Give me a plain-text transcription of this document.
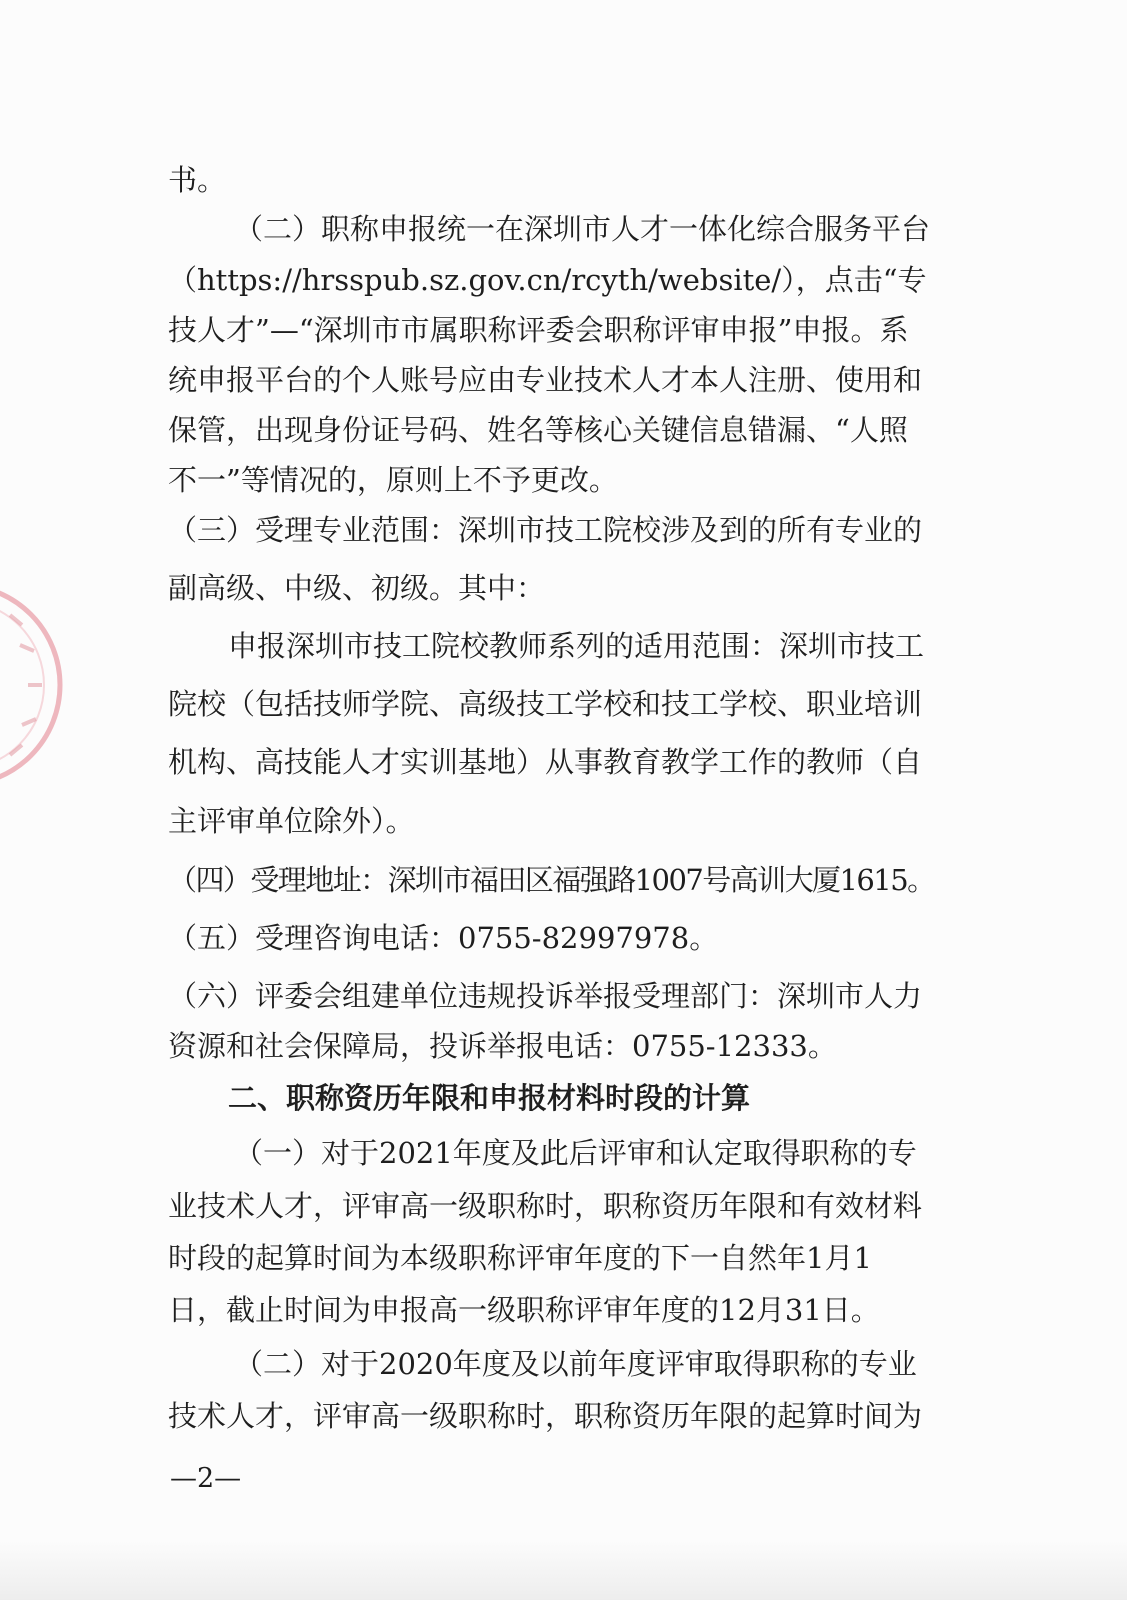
书。
（二）职称申报统一在深圳市人才一体化综合服务平台
（https://hrsspub.sz.gov.cn/rcyth/website/），点击“专
技人才”—“深圳市市属职称评委会职称评审申报”申报。系
统申报平台的个人账号应由专业技术人才本人注册、使用和
保管，出现身份证号码、姓名等核心关键信息错漏、“人照
不一”等情况的，原则上不予更改。
（三）受理专业范围：深圳市技工院校涉及到的所有专业的
副高级、中级、初级。其中：
申报深圳市技工院校教师系列的适用范围：深圳市技工
院校（包括技师学院、高级技工学校和技工学校、职业培训
机构、高技能人才实训基地）从事教育教学工作的教师（自
主评审单位除外）。
（四）受理地址：深圳市福田区福强路1007号高训大厦1615。
（五）受理咨询电话：0755-82997978。
（六）评委会组建单位违规投诉举报受理部门：深圳市人力
资源和社会保障局，投诉举报电话：0755-12333。
二、职称资历年限和申报材料时段的计算
（一）对于2021年度及此后评审和认定取得职称的专
业技术人才，评审高一级职称时，职称资历年限和有效材料
时段的起算时间为本级职称评审年度的下一自然年1月1
日，截止时间为申报高一级职称评审年度的12月31日。
（二）对于2020年度及以前年度评审取得职称的专业
技术人才，评审高一级职称时，职称资历年限的起算时间为
—2—
